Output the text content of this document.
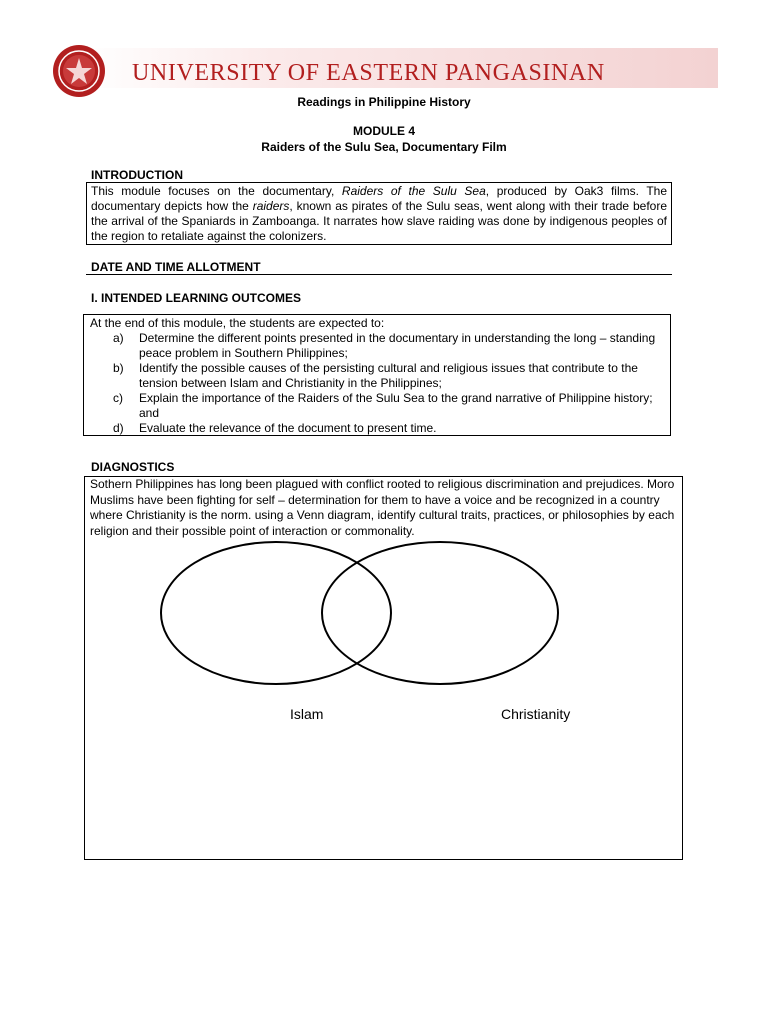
UNIVERSITY OF EASTERN PANGASINAN
Readings in Philippine History
MODULE 4
Raiders of the Sulu Sea, Documentary Film
INTRODUCTION
This module focuses on the documentary, Raiders of the Sulu Sea, produced by Oak3 films. The documentary depicts how the raiders, known as pirates of the Sulu seas, went along with their trade before the arrival of the Spaniards in Zamboanga. It narrates how slave raiding was done by indigenous peoples of the region to retaliate against the colonizers.
DATE AND TIME ALLOTMENT
I. INTENDED LEARNING OUTCOMES
At the end of this module, the students are expected to:
a) Determine the different points presented in the documentary in understanding the long – standing peace problem in Southern Philippines;
b) Identify the possible causes of the persisting cultural and religious issues that contribute to the tension between Islam and Christianity in the Philippines;
c) Explain the importance of the Raiders of the Sulu Sea to the grand narrative of Philippine history; and
d) Evaluate the relevance of the document to present time.
DIAGNOSTICS
Sothern Philippines has long been plagued with conflict rooted to religious discrimination and prejudices. Moro Muslims have been fighting for self – determination for them to have a voice and be recognized in a country where Christianity is the norm. using a Venn diagram, identify cultural traits, practices, or philosophies by each religion and their possible point of interaction or commonality.
Islam	Christianity
